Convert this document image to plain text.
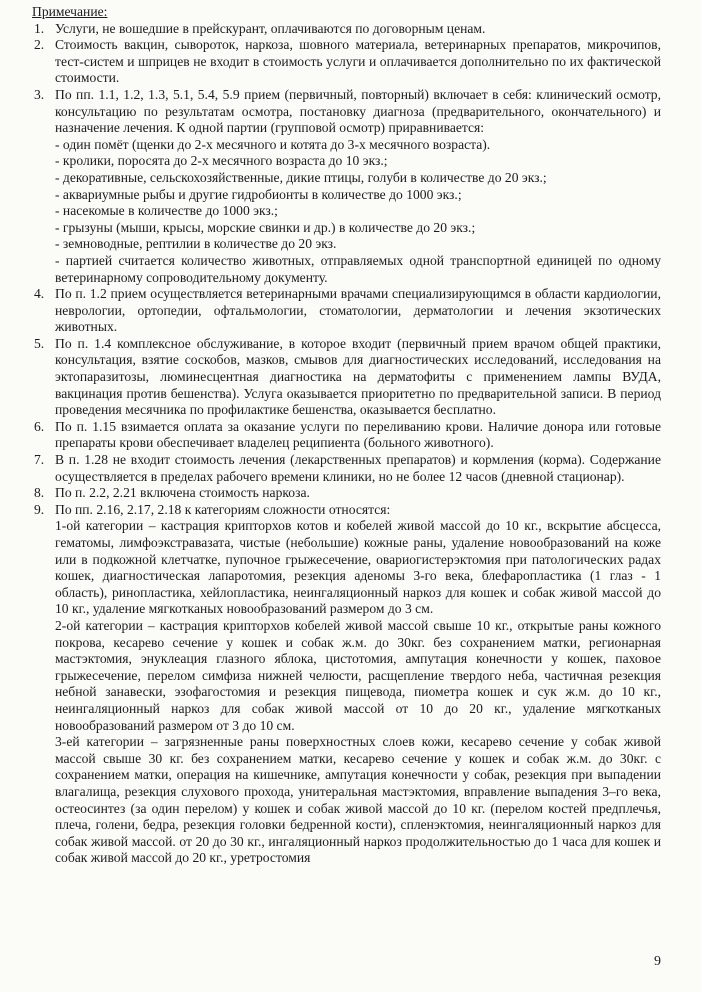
Примечание:
1. Услуги, не вошедшие в прейскурант, оплачиваются по договорным ценам.

2. Стоимость вакцин, сывороток, наркоза, шовного материала, ветеринарных препаратов, микрочипов, тест-систем и шприцев не входит в стоимость услуги и оплачивается дополнительно по их фактической стоимости.

3. По пп. 1.1, 1.2, 1.3, 5.1, 5.4, 5.9 прием (первичный, повторный) включает в себя: клинический осмотр, консультацию по результатам осмотра, постановку диагноза (предварительного, окончательного) и назначение лечения. К одной партии (групповой осмотр) приравнивается:

- один помёт (щенки до 2-х месячного и котята до 3-х месячного возраста).

- кролики, поросята до 2-х месячного возраста до 10 экз.;

- декоративные, сельскохозяйственные, дикие птицы, голуби в количестве до 20 экз.;

- аквариумные рыбы и другие гидробионты в количестве до 1000 экз.;

- насекомые в количестве до 1000 экз.;

- грызуны (мыши, крысы, морские свинки и др.) в количестве до 20 экз.;

- земноводные, рептилии в количестве до 20 экз.

- партией считается количество животных, отправляемых одной транспортной единицей по одному ветеринарному сопроводительному документу.

4. По п. 1.2 прием осуществляется ветеринарными врачами специализирующимся в области кардиологии, неврологии, ортопедии, офтальмологии, стоматологии, дерматологии и лечения экзотических животных.

5. По п. 1.4 комплексное обслуживание, в которое входит (первичный прием врачом общей практики, консультация, взятие соскобов, мазков, смывов для диагностических исследований, исследования на эктопаразитозы, люминесцентная диагностика на дерматофиты с применением лампы ВУДА, вакцинация против бешенства). Услуга оказывается приоритетно по предварительной записи. В период проведения месячника по профилактике бешенства, оказывается бесплатно.

6. По п. 1.15 взимается оплата за оказание услуги по переливанию крови. Наличие донора или готовые препараты крови обеспечивает владелец реципиента (больного животного).

7. В п. 1.28 не входит стоимость лечения (лекарственных препаратов) и кормления (корма). Содержание осуществляется в пределах рабочего времени клиники, но не более 12 часов (дневной стационар).

8. По п. 2.2, 2.21 включена стоимость наркоза.

9. По пп. 2.16, 2.17, 2.18 к категориям сложности относятся:

1-ой категории – кастрация крипторхов котов и кобелей живой массой до 10 кг., вскрытие абсцесса, гематомы, лимфоэкстравазата, чистые (небольшие) кожные раны, удаление новообразований на коже или в подкожной клетчатке, пупочное грыжесечение, овариогистерэктомия при патологических радах кошек, диагностическая лапаротомия, резекция аденомы 3-го века, блефаропластика (1 глаз - 1 область), ринопластика, хейлопластика, неингаляционный наркоз для кошек и собак живой массой до 10 кг., удаление мягкотканых новообразований размером до 3 см.

2-ой категории – кастрация крипторхов кобелей живой массой свыше 10 кг., открытые раны кожного покрова, кесарево сечение у кошек и собак ж.м. до 30кг. без сохранением матки, регионарная мастэктомия, энуклеация глазного яблока, цистотомия, ампутация конечности у кошек, паховое грыжесечение, перелом симфиза нижней челюсти, расщепление твердого неба, частичная резекция небной занавески, эзофагостомия и резекция пищевода, пиометра кошек и сук ж.м. до 10 кг., неингаляционный наркоз для собак живой массой от 10 до 20 кг., удаление мягкотканых новообразований размером от 3 до 10 см.

3-ей категории – загрязненные раны поверхностных слоев кожи, кесарево сечение у собак живой массой свыше 30 кг. без сохранением матки, кесарево сечение у кошек и собак ж.м. до 30кг. с сохранением матки, операция на кишечнике, ампутация конечности у собак, резекция при выпадении влагалища, резекция слухового прохода, унитеральная мастэктомия, вправление выпадения 3–го века, остеосинтез (за один перелом) у кошек и собак живой массой до 10 кг. (перелом костей предплечья, плеча, голени, бедра, резекция головки бедренной кости), спленэктомия, неингаляционный наркоз для собак живой массой. от 20 до 30 кг., ингаляционный наркоз продолжительностью до 1 часа для кошек и собак живой массой до 20 кг., уретростомия

9
